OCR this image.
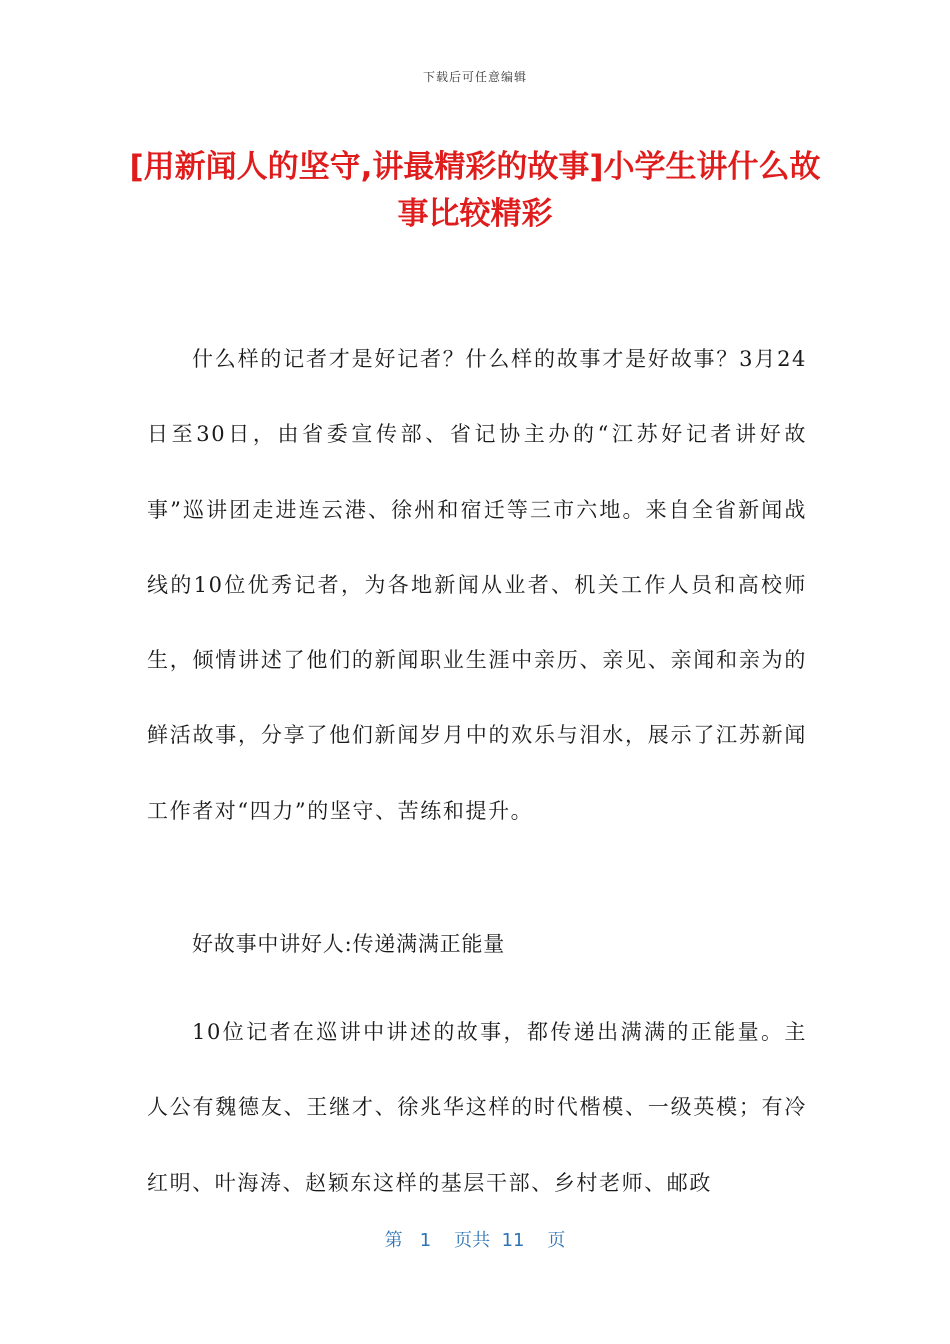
下载后可任意编辑
[用新闻人的坚守,讲最精彩的故事]小学生讲什么故事比较精彩

什么样的记者才是好记者？什么样的故事才是好故事？3月24日至30日，由省委宣传部、省记协主办的“江苏好记者讲好故事”巡讲团走进连云港、徐州和宿迁等三市六地。来自全省新闻战线的10位优秀记者，为各地新闻从业者、机关工作人员和高校师生，倾情讲述了他们的新闻职业生涯中亲历、亲见、亲闻和亲为的鲜活故事，分享了他们新闻岁月中的欢乐与泪水，展示了江苏新闻工作者对“四力”的坚守、苦练和提升。

好故事中讲好人:传递满满正能量

10位记者在巡讲中讲述的故事，都传递出满满的正能量。主人公有魏德友、王继才、徐兆华这样的时代楷模、一级英模；有冷红明、叶海涛、赵颖东这样的基层干部、乡村老师、邮政

第 1 页共 11 页
